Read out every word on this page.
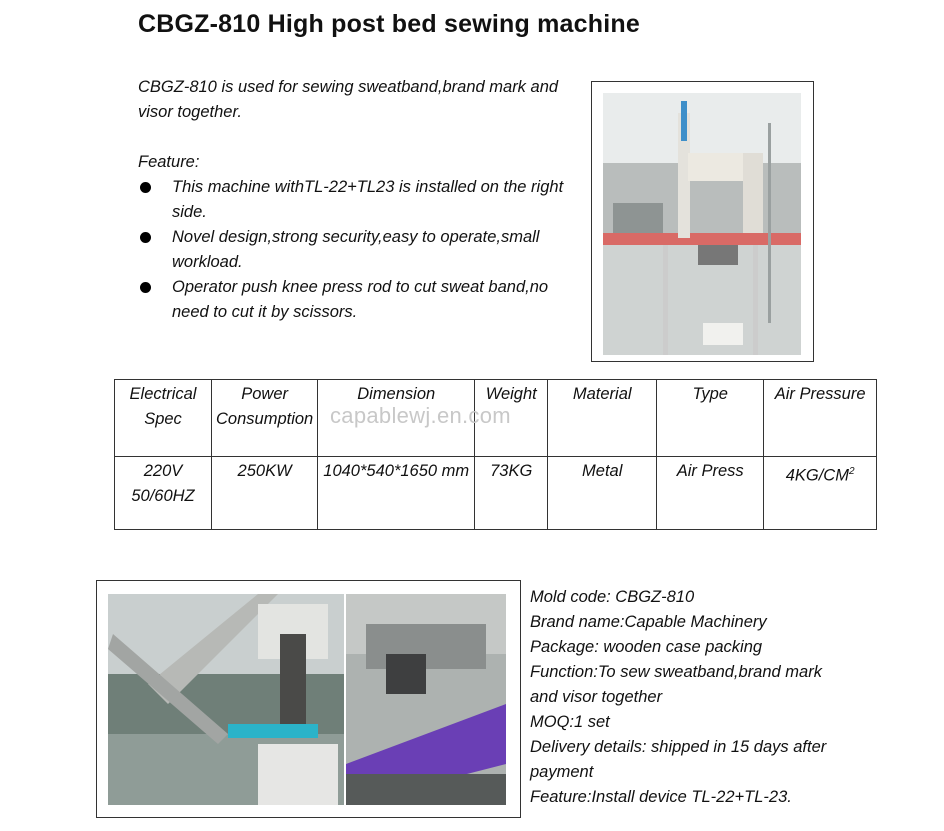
CBGZ-810 High post bed sewing machine
CBGZ-810 is used for sewing sweatband,brand mark and visor together.
Feature:
This machine withTL-22+TL23 is installed on the right side.
Novel design,strong security,easy to operate,small workload.
Operator push knee press rod to cut sweat band,no need to cut it by scissors.
Electrical Spec	Power Consumption	Dimension	Weight	Material	Type	Air Pressure
220V 50/60HZ	250KW	1040*540*1650 mm	73KG	Metal	Air Press	$4KG/CM^2$
capablewj.en.com
Mold code: CBGZ-810
Brand name:Capable Machinery
Package: wooden case packing
Function:To sew sweatband,brand mark and visor together
MOQ:1 set
Delivery details: shipped in 15 days after payment
Feature:Install device TL-22+TL-23.
